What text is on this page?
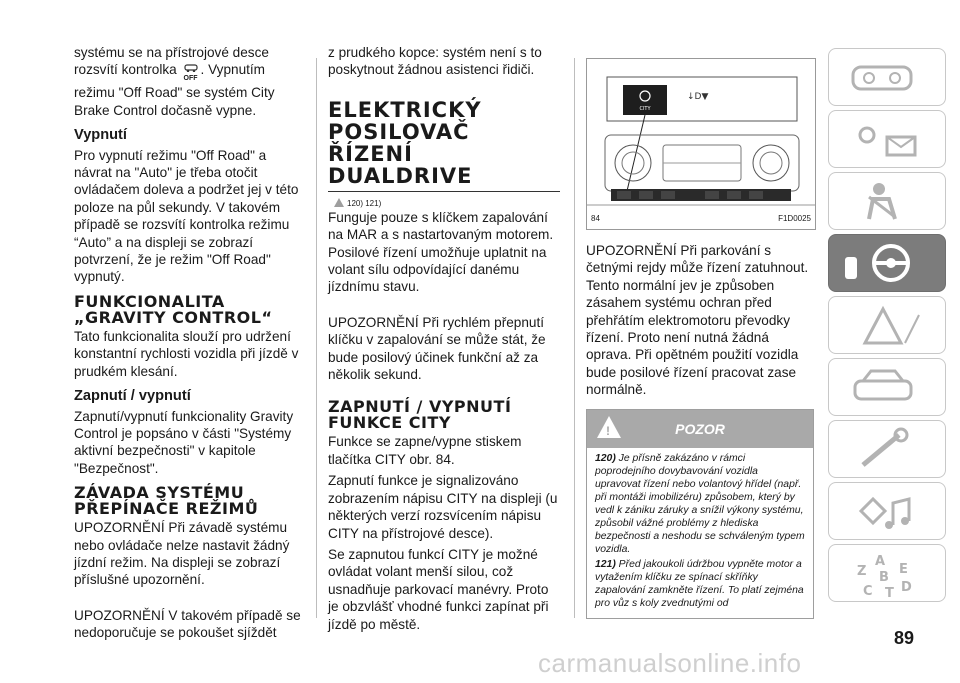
systému se na přístrojové desce rozsvítí kontrolka
OFF
. Vypnutím režimu "Off Road" se systém City Brake Control dočasně vypne.

Vypnutí

Pro vypnutí režimu "Off Road" a návrat na "Auto" je třeba otočit ovládačem doleva a podržet jej v této poloze na půl sekundy. V takovém případě se rozsvítí kontrolka režimu “Auto” a na displeji se zobrazí potvrzení, že je režim "Off Road" vypnutý.

FUNKCIONALITA „GRAVITY CONTROL“

Tato funkcionalita slouží pro udržení konstantní rychlosti vozidla při jízdě v prudkém klesání.

Zapnutí / vypnutí

Zapnutí/vypnutí funkcionality Gravity Control je popsáno v části "Systémy aktivní bezpečnosti" v kapitole "Bezpečnost".

ZÁVADA SYSTÉMU PŘEPÍNAČE REŽIMŮ

UPOZORNĚNÍ Při závadě systému nebo ovládače nelze nastavit žádný jízdní režim. Na displeji se zobrazí příslušné upozornění.

UPOZORNĚNÍ V takovém případě se nedoporučuje se pokoušet sjíždět

z prudkého kopce: systém není s to poskytnout žádnou asistenci řidiči.

ELEKTRICKÝ POSILOVAČ ŘÍZENÍ DUALDRIVE
120) 121)

Funguje pouze s klíčkem zapalování na MAR a s nastartovaným motorem. Posilové řízení umožňuje uplatnit na volant sílu odpovídající danému jízdnímu stavu.

UPOZORNĚNÍ Při rychlém přepnutí klíčku v zapalování se může stát, že bude posilový účinek funkční až za několik sekund.

ZAPNUTÍ / VYPNUTÍ FUNKCE CITY

Funkce se zapne/vypne stiskem tlačítka CITY obr. 84.

Zapnutí funkce je signalizováno zobrazením nápisu CITY na displeji (u některých verzí rozsvícením nápisu CITY na přístrojové desce).

Se zapnutou funkcí CITY je možné ovládat volant menší silou, což usnadňuje parkovací manévry. Proto je obzvlášť vhodné funkci zapínat při jízdě po městě.

CITY
↓D▼
84	F1D0025

UPOZORNĚNÍ Při parkování s četnými rejdy může řízení zatuhnout. Tento normální jev je způsoben zásahem systému ochran před přehřátím elektromotoru převodky řízení. Proto není nutná žádná oprava. Při opětném použití vozidla bude posilové řízení pracovat zase normálně.

!	POZOR

120) Je přísně zakázáno v rámci poprodejního dovybavování vozidla upravovat řízení nebo volantový hřídel (např. při montáži imobilizéru) způsobem, který by vedl k zániku záruky a snížil výkony systému, způsobil vážné problémy z hlediska bezpečnosti a neshodu se schváleným typem vozidla.

121) Před jakoukoli údržbou vypněte motor a vytažením klíčku ze spínací skříňky zapalování zamkněte řízení. To platí zejména pro vůz s koly zvednutými od

A
Z B
E
C T D
89
carmanualsonline.info
